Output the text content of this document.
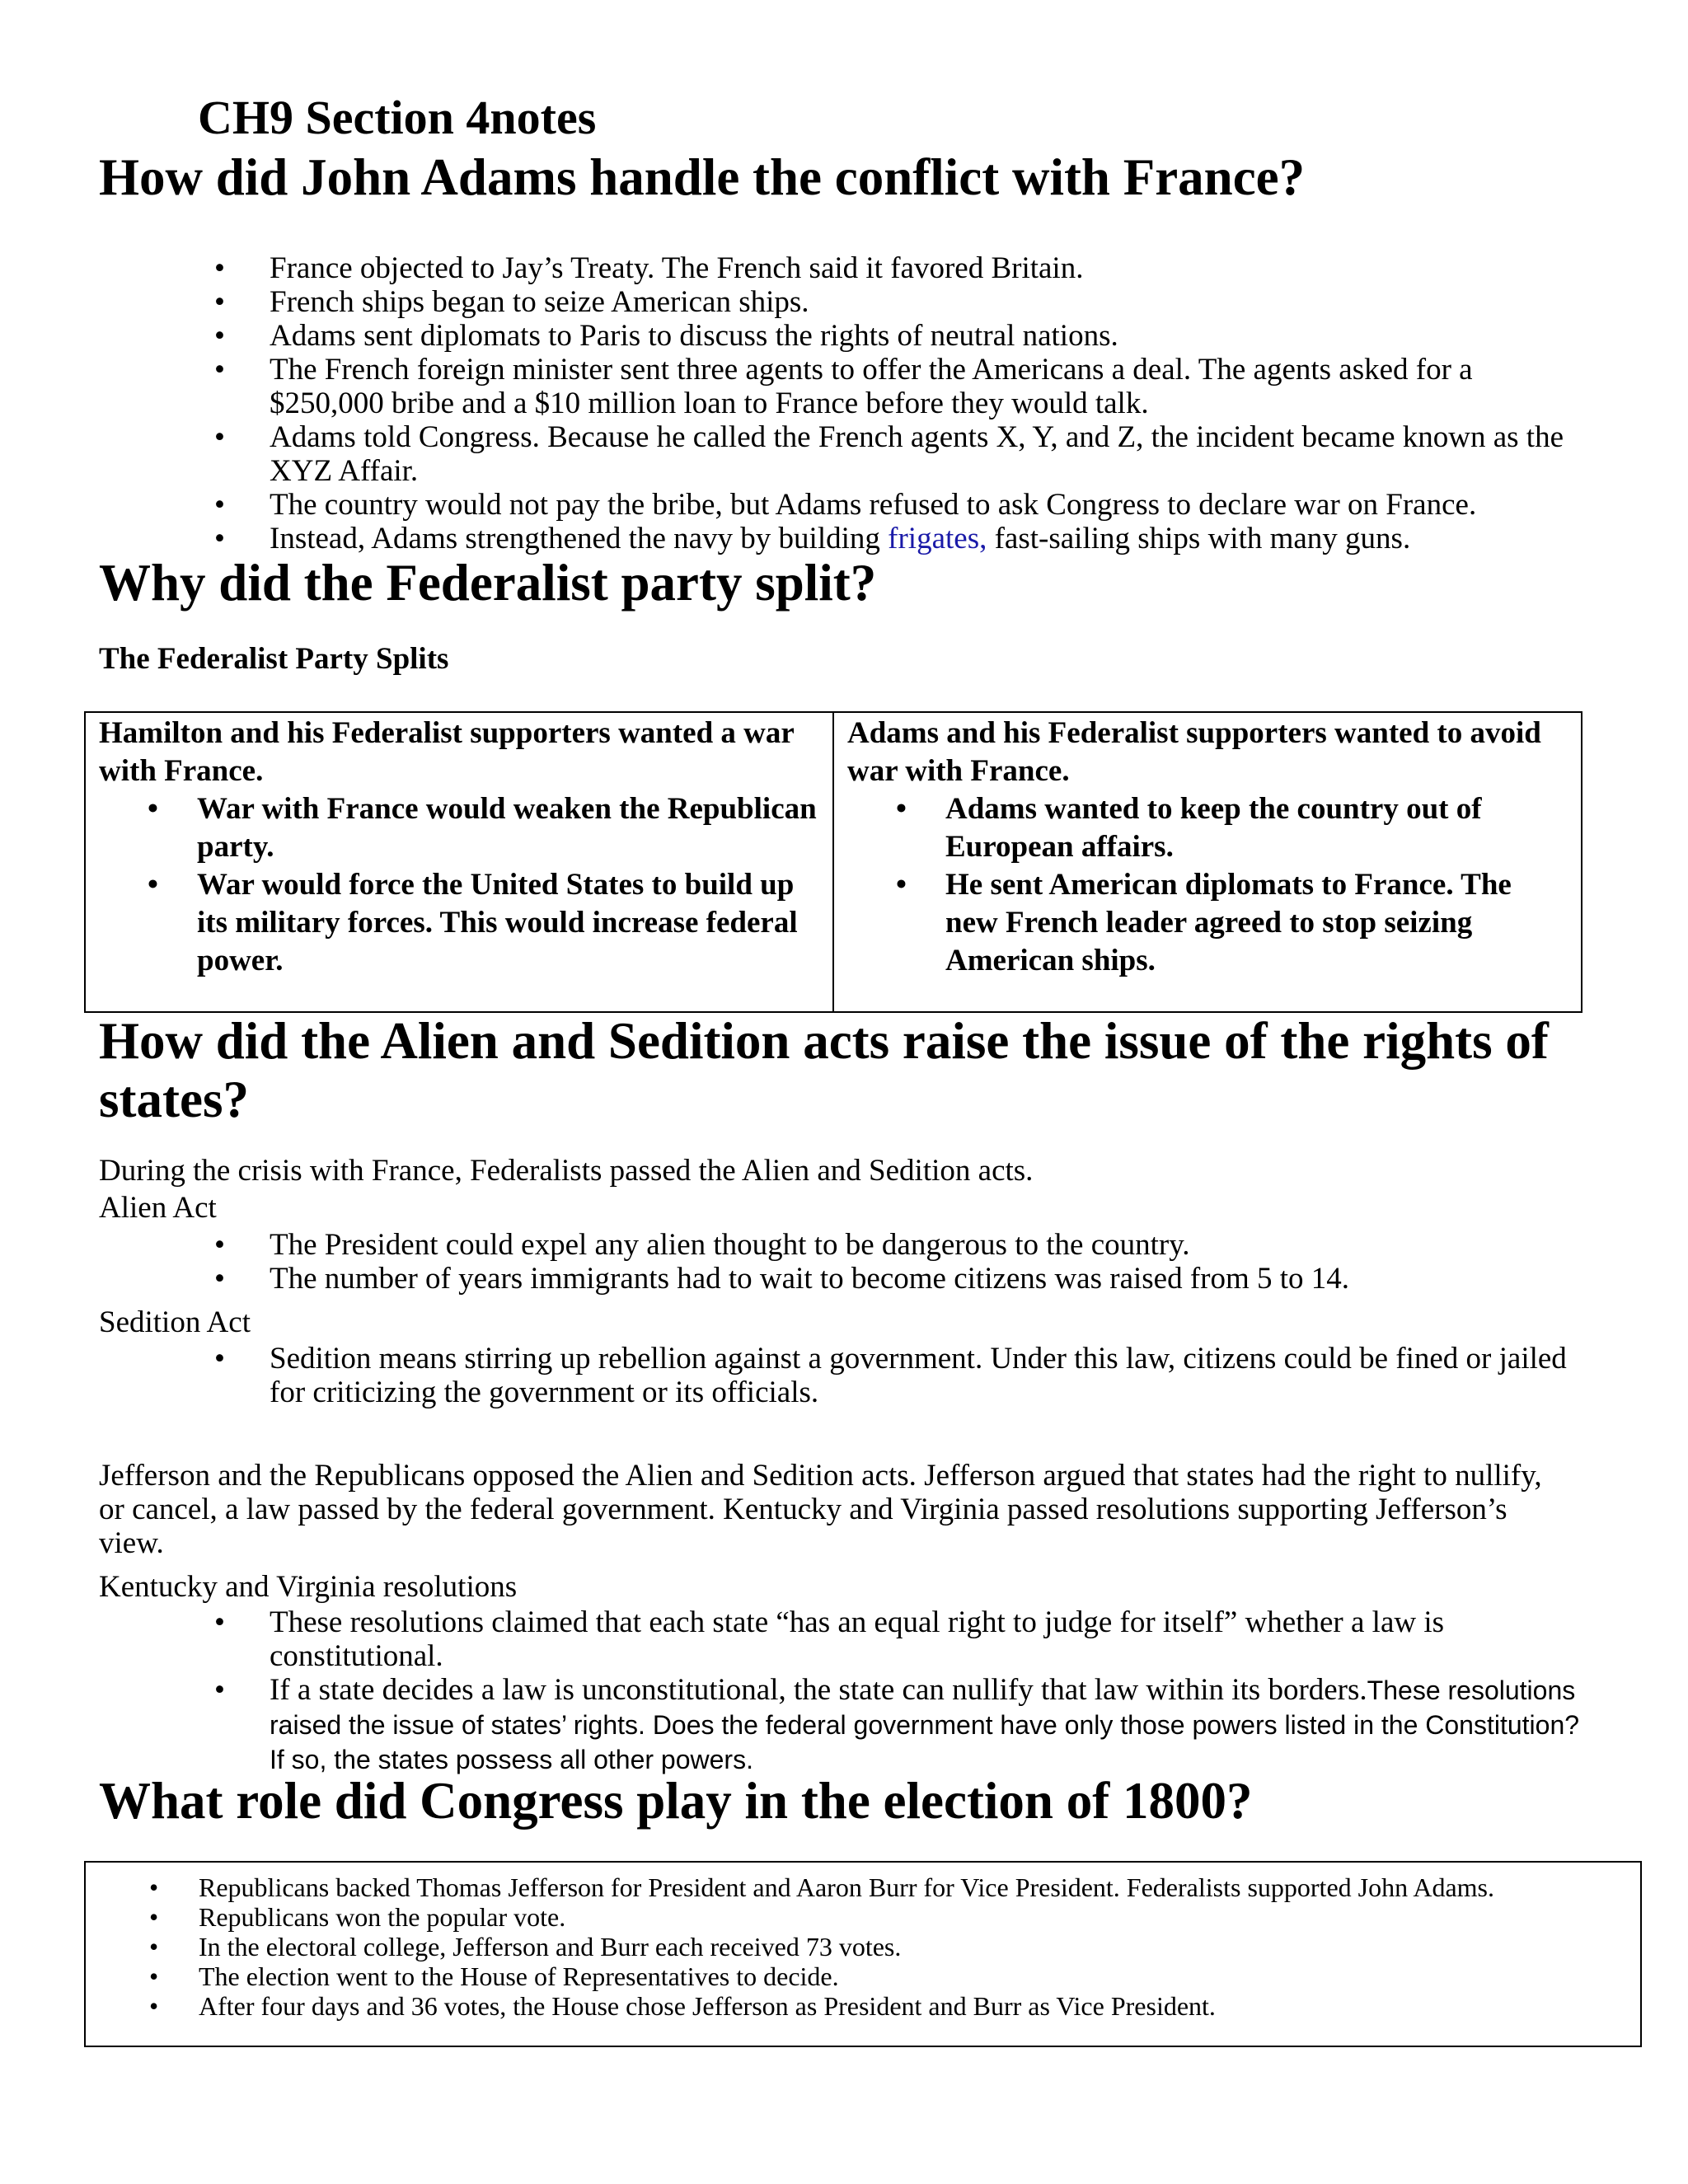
CH9 Section 4notes
How did John Adams handle the conflict with France?
• France objected to Jay’s Treaty. The French said it favored Britain.
• French ships began to seize American ships.
• Adams sent diplomats to Paris to discuss the rights of neutral nations.
• The French foreign minister sent three agents to offer the Americans a deal. The agents asked for a $250,000 bribe and a $10 million loan to France before they would talk.
• Adams told Congress. Because he called the French agents X, Y, and Z, the incident became known as the XYZ Affair.
• The country would not pay the bribe, but Adams refused to ask Congress to declare war on France.
• Instead, Adams strengthened the navy by building frigates, fast-sailing ships with many guns.
Why did the Federalist party split?

The Federalist Party Splits

Hamilton and his Federalist supporters wanted a war with France.
• War with France would weaken the Republican party.
• War would force the United States to build up its military forces. This would increase federal power.
Adams and his Federalist supporters wanted to avoid war with France.
• Adams wanted to keep the country out of European affairs.
• He sent American diplomats to France. The new French leader agreed to stop seizing American ships.
How did the Alien and Sedition acts raise the issue of the rights of states?

During the crisis with France, Federalists passed the Alien and Sedition acts.

Alien Act

• The President could expel any alien thought to be dangerous to the country.
• The number of years immigrants had to wait to become citizens was raised from 5 to 14.

Sedition Act

• Sedition means stirring up rebellion against a government. Under this law, citizens could be fined or jailed for criticizing the government or its officials.

Jefferson and the Republicans opposed the Alien and Sedition acts. Jefferson argued that states had the right to nullify, or cancel, a law passed by the federal government. Kentucky and Virginia passed resolutions supporting Jefferson’s view.

Kentucky and Virginia resolutions

• These resolutions claimed that each state “has an equal right to judge for itself” whether a law is constitutional.
• If a state decides a law is unconstitutional, the state can nullify that law within its borders.These resolutions raised the issue of states’ rights. Does the federal government have only those powers listed in the Constitution? If so, the states possess all other powers.
What role did Congress play in the election of 1800?
• Republicans backed Thomas Jefferson for President and Aaron Burr for Vice President. Federalists supported John Adams.
• Republicans won the popular vote.
• In the electoral college, Jefferson and Burr each received 73 votes.
• The election went to the House of Representatives to decide.
• After four days and 36 votes, the House chose Jefferson as President and Burr as Vice President.
